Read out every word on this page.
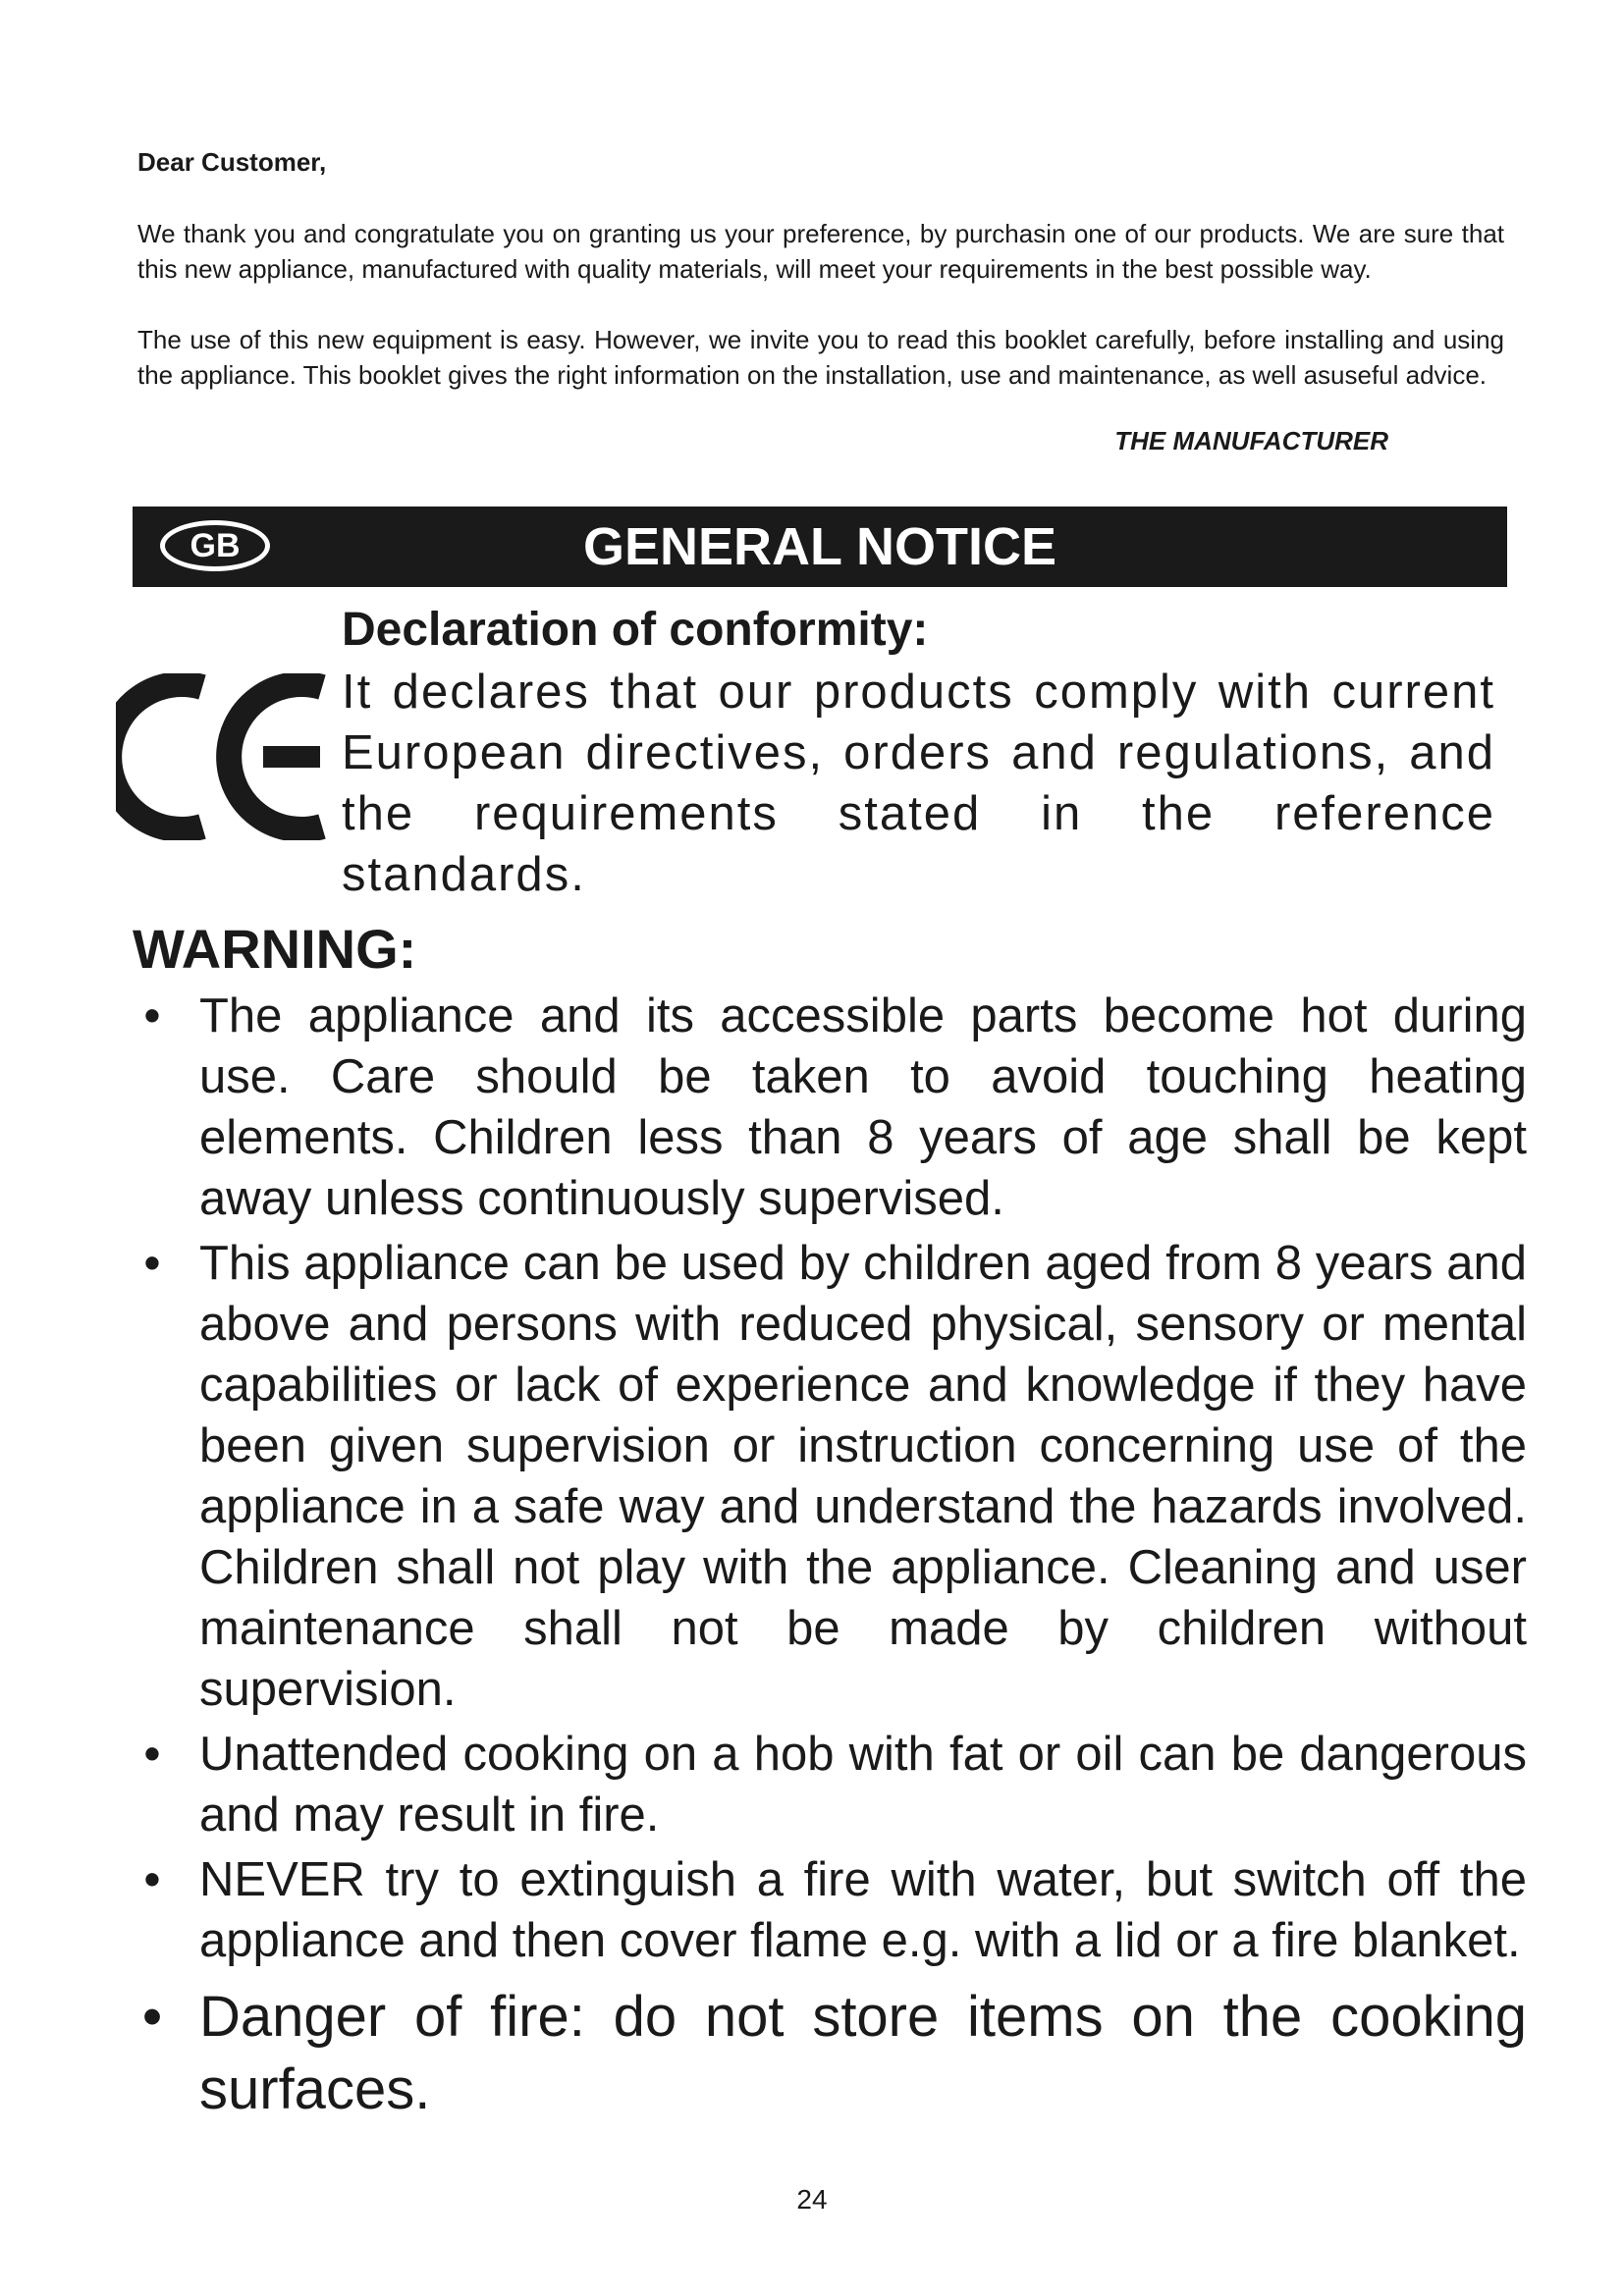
Dear Customer,
We thank you and congratulate you on granting us your preference, by purchasin one of our products. We are sure that this new appliance, manufactured with quality materials, will meet your requirements in the best possible way.
The use of this new equipment is easy. However, we invite you to read this booklet carefully, before installing and using the appliance. This booklet gives the right information on the installation, use and maintenance, as well asuseful advice.
THE MANUFACTURER
GB	GENERAL NOTICE
Declaration of conformity:
It declares that our products comply with current European directives, orders and regulations, and the requirements stated in the reference standards.
WARNING:
•
The appliance and its accessible parts become hot during use. Care should be taken to avoid touching heating elements. Children less than 8 years of age shall be kept away unless continuously supervised.
•
This appliance can be used by children aged from 8 years and above and persons with reduced physical, sensory or mental capabilities or lack of experience and knowledge if they have been given supervision or instruction concerning use of the appliance in a safe way and understand the hazards involved. Children shall not play with the appliance. Cleaning and user maintenance shall not be made by children without supervision.
•
Unattended cooking on a hob with fat or oil can be dangerous and may result in fire.
•
NEVER try to extinguish a fire with water, but switch off the appliance and then cover flame e.g. with a lid or a fire blanket.
•
Danger of fire: do not store items on the cooking surfaces.
24
